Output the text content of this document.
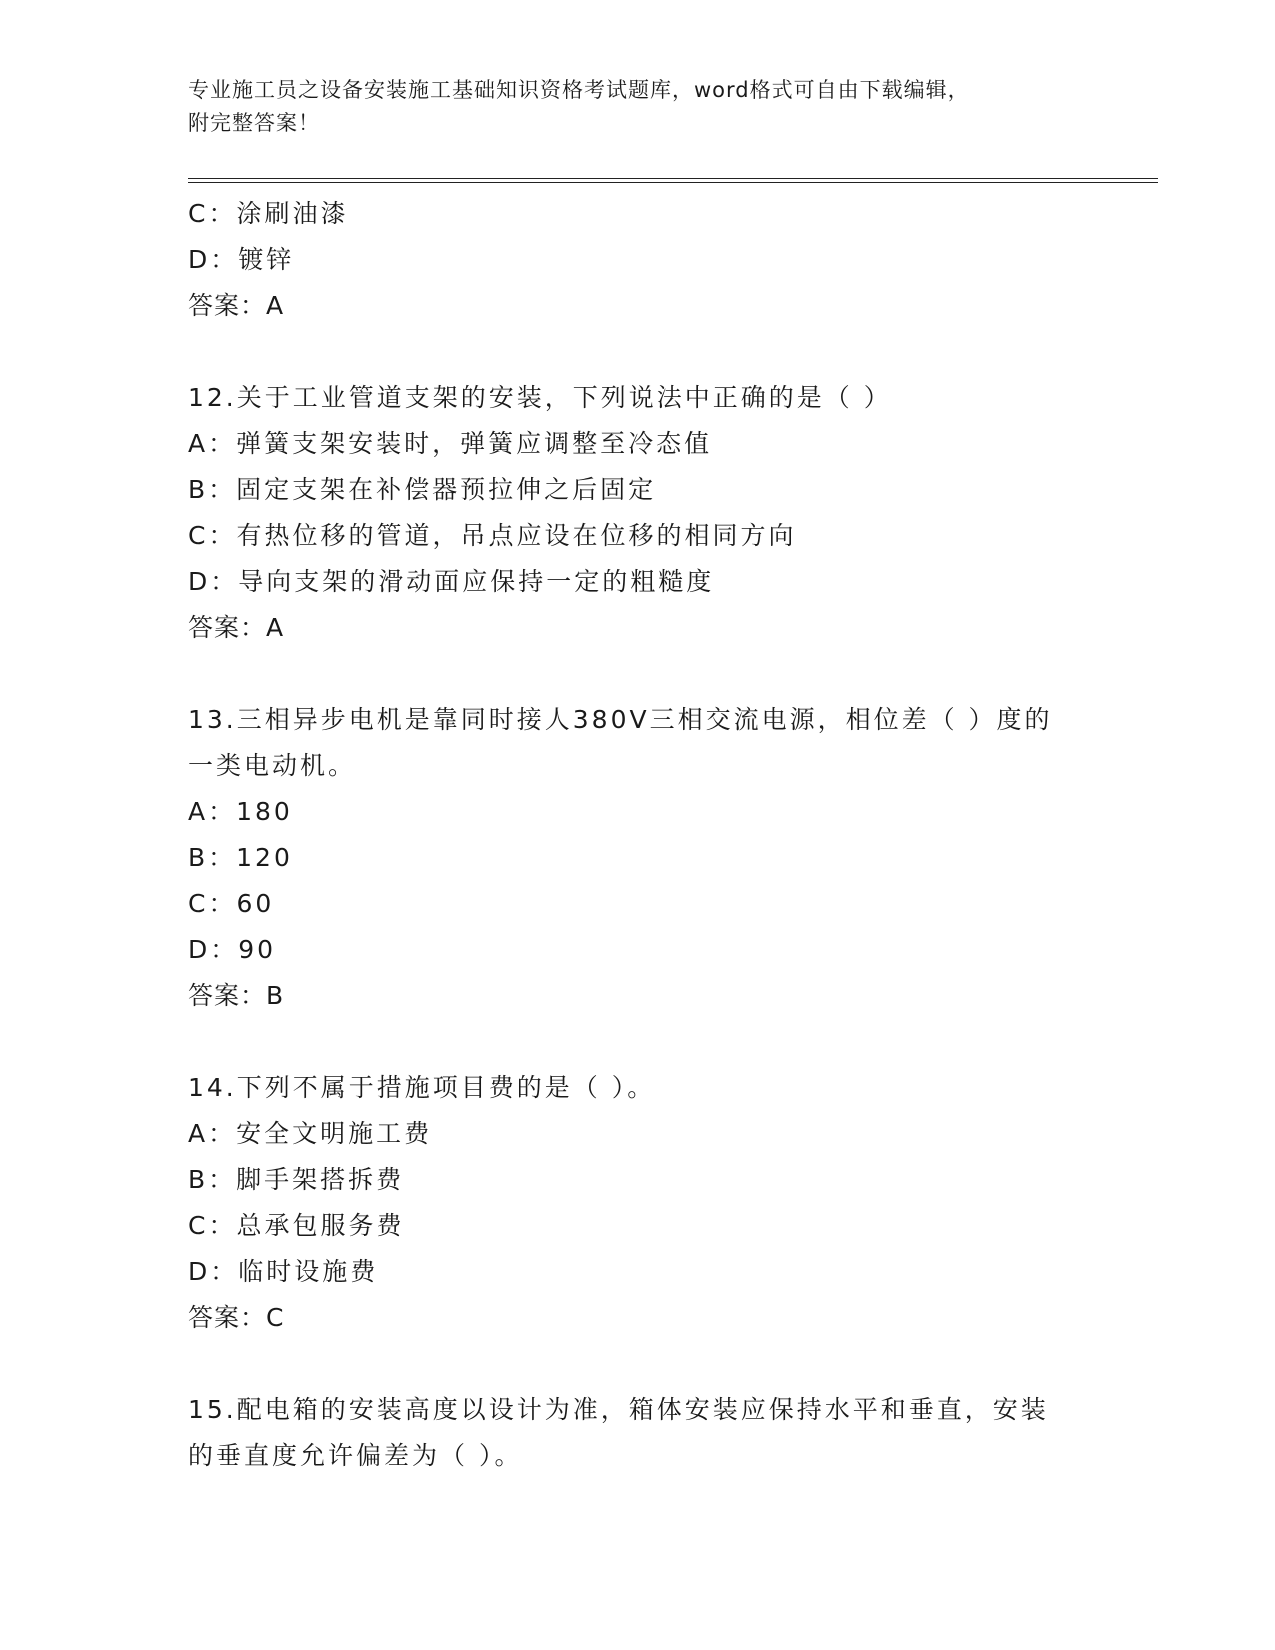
专业施工员之设备安装施工基础知识资格考试题库，word格式可自由下载编辑，
附完整答案！
C：涂刷油漆
D：镀锌
答案：A
12.关于工业管道支架的安装，下列说法中正确的是（ ）
A：弹簧支架安装时，弹簧应调整至冷态值
B：固定支架在补偿器预拉伸之后固定
C：有热位移的管道，吊点应设在位移的相同方向
D：导向支架的滑动面应保持一定的粗糙度
答案：A
13.三相异步电机是靠同时接人380V三相交流电源，相位差（ ）度的
一类电动机。
A：180
B：120
C：60
D：90
答案：B
14.下列不属于措施项目费的是（ ）。
A：安全文明施工费
B：脚手架搭拆费
C：总承包服务费
D：临时设施费
答案：C
15.配电箱的安装高度以设计为准，箱体安装应保持水平和垂直，安装
的垂直度允许偏差为（ ）。
